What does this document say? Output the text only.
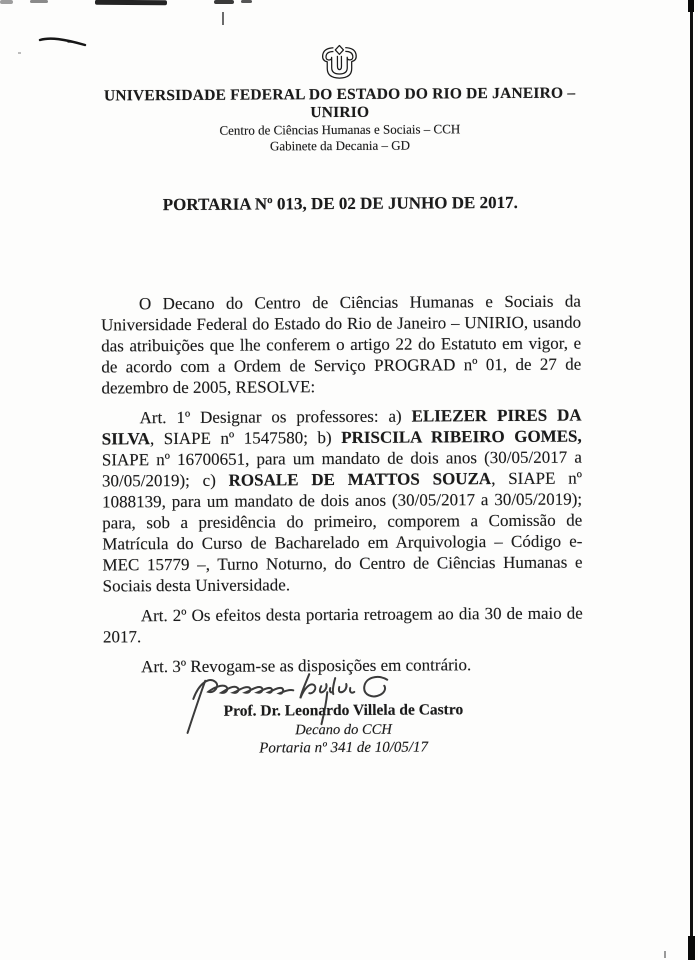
UNIVERSIDADE FEDERAL DO ESTADO DO RIO DE JANEIRO – UNIRIO
Centro de Ciências Humanas e Sociais – CCH
Gabinete da Decania – GD
PORTARIA Nº 013, DE 02 DE JUNHO DE 2017.

O Decano do Centro de Ciências Humanas e Sociais da Universidade Federal do Estado do Rio de Janeiro – UNIRIO, usando das atribuições que lhe conferem o artigo 22 do Estatuto em vigor, e de acordo com a Ordem de Serviço PROGRAD nº 01, de 27 de dezembro de 2005, RESOLVE:

Art. 1º Designar os professores: a) ELIEZER PIRES DA SILVA, SIAPE nº 1547580; b) PRISCILA RIBEIRO GOMES, SIAPE nº 16700651, para um mandato de dois anos (30/05/2017 a 30/05/2019); c) ROSALE DE MATTOS SOUZA, SIAPE nº 1088139, para um mandato de dois anos (30/05/2017 a 30/05/2019); para, sob a presidência do primeiro, comporem a Comissão de Matrícula do Curso de Bacharelado em Arquivologia – Código e-MEC 15779 –, Turno Noturno, do Centro de Ciências Humanas e Sociais desta Universidade.

Art. 2º Os efeitos desta portaria retroagem ao dia 30 de maio de 2017.

Art. 3º Revogam-se as disposições em contrário.

Prof. Dr. Leonardo Villela de Castro
Decano do CCH
Portaria nº 341 de 10/05/17
